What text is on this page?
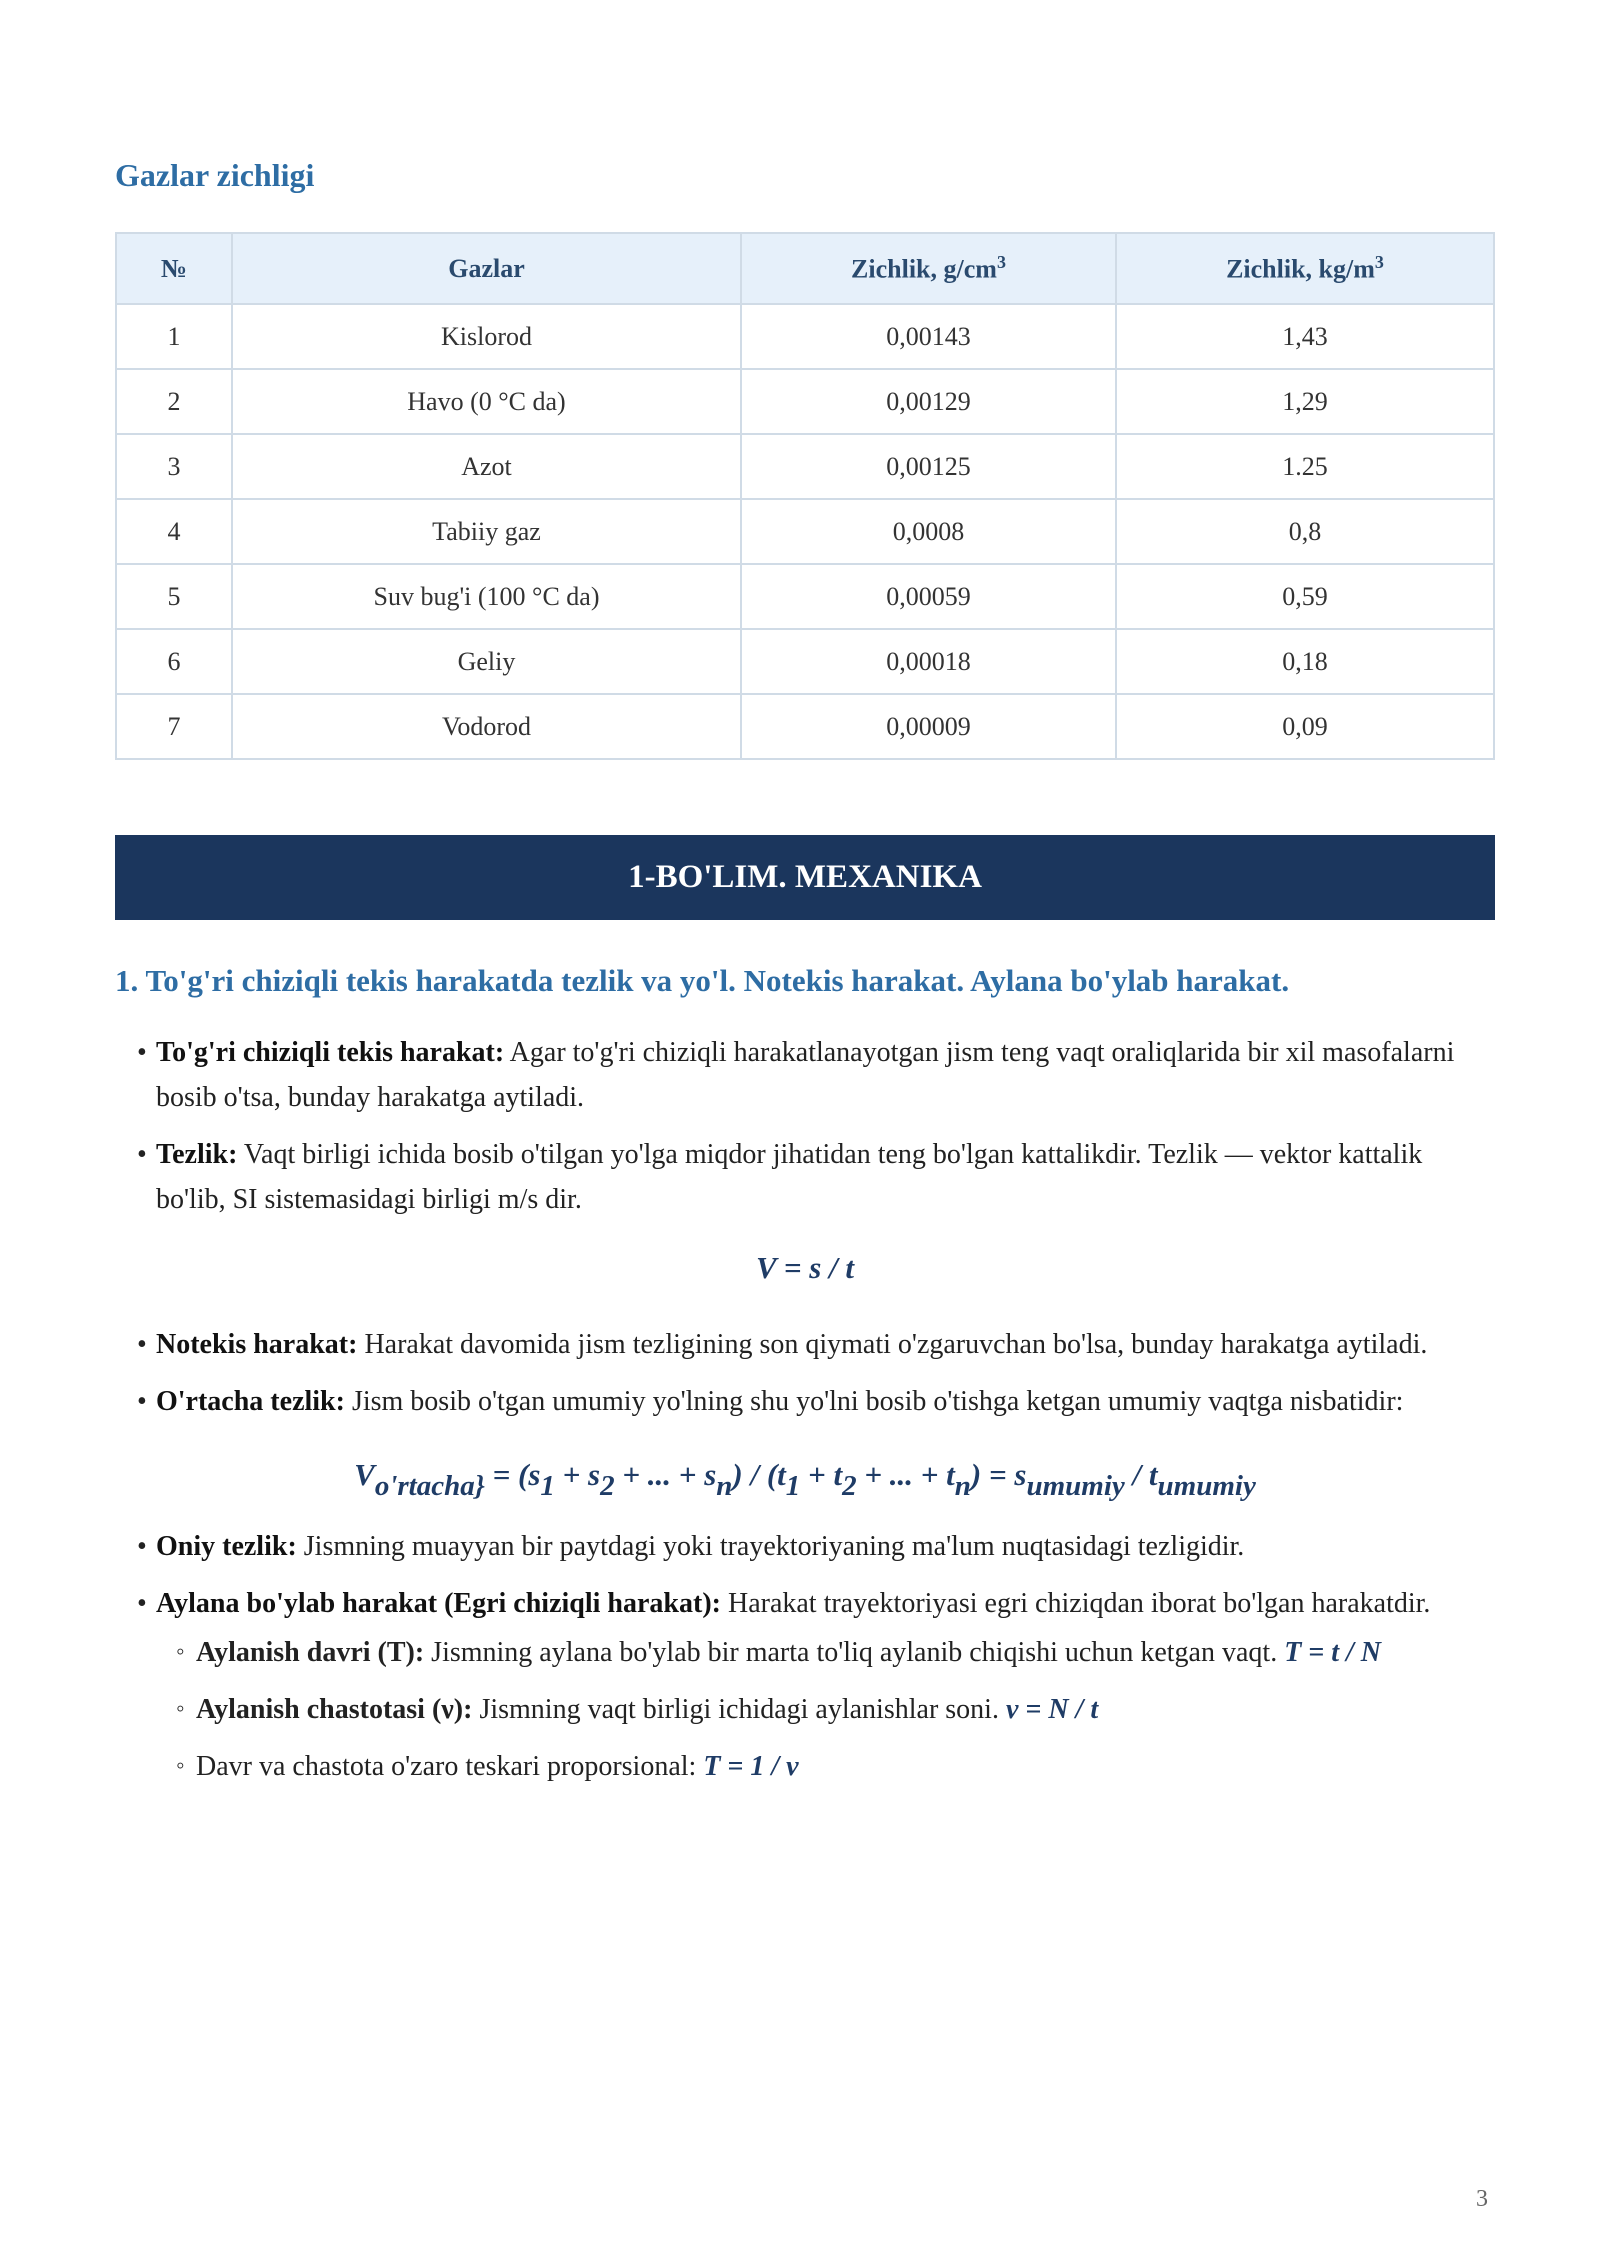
Gazlar zichligi
№	Gazlar	Zichlik, $g/cm^3$	Zichlik, $kg/m^3$
1	Kislorod	0,00143	1,43
2	Havo (0 °C da)	0,00129	1,29
3	Azot	0,00125	1.25
4	Tabiiy gaz	0,0008	0,8
5	Suv bug'i (100 °C da)	0,00059	0,59
6	Geliy	0,00018	0,18
7	Vodorod	0,00009	0,09
1-BO'LIM. MEXANIKA
1. To'g'ri chiziqli tekis harakatda tezlik va yo'l. Notekis harakat. Aylana bo'ylab harakat.
• To'g'ri chiziqli tekis harakat: Agar to'g'ri chiziqli harakatlanayotgan jism teng vaqt oraliqlarida bir xil masofalarni bosib o'tsa, bunday harakatga aytiladi.
• Tezlik: Vaqt birligi ichida bosib o'tilgan yo'lga miqdor jihatidan teng bo'lgan kattalikdir. Tezlik — vektor kattalik bo'lib, SI sistemasidagi birligi m/s dir.
V = s / t
• Notekis harakat: Harakat davomida jism tezligining son qiymati o'zgaruvchan bo'lsa, bunday harakatga aytiladi.
• O'rtacha tezlik: Jism bosib o'tgan umumiy yo'lning shu yo'lni bosib o'tishga ketgan umumiy vaqtga nisbatidir:
$V_{o'rtacha\}} = (s_1 + s_2$ + ... + $s_n) / (t_1 + t_2$ + ... + $t_n) = s_{umumiy} / t_{umumiy}$
• Oniy tezlik: Jismning muayyan bir paytdagi yoki trayektoriyaning ma'lum nuqtasidagi tezligidir.
• Aylana bo'ylab harakat (Egri chiziqli harakat): Harakat trayektoriyasi egri chiziqdan iborat bo'lgan harakatdir.
◦ Aylanish davri (T): Jismning aylana bo'ylab bir marta to'liq aylanib chiqishi uchun ketgan vaqt. T = t / N
◦ Aylanish chastotasi (ν): Jismning vaqt birligi ichidagi aylanishlar soni. ν = N / t
◦ Davr va chastota o'zaro teskari proporsional: T = 1 / ν
3
